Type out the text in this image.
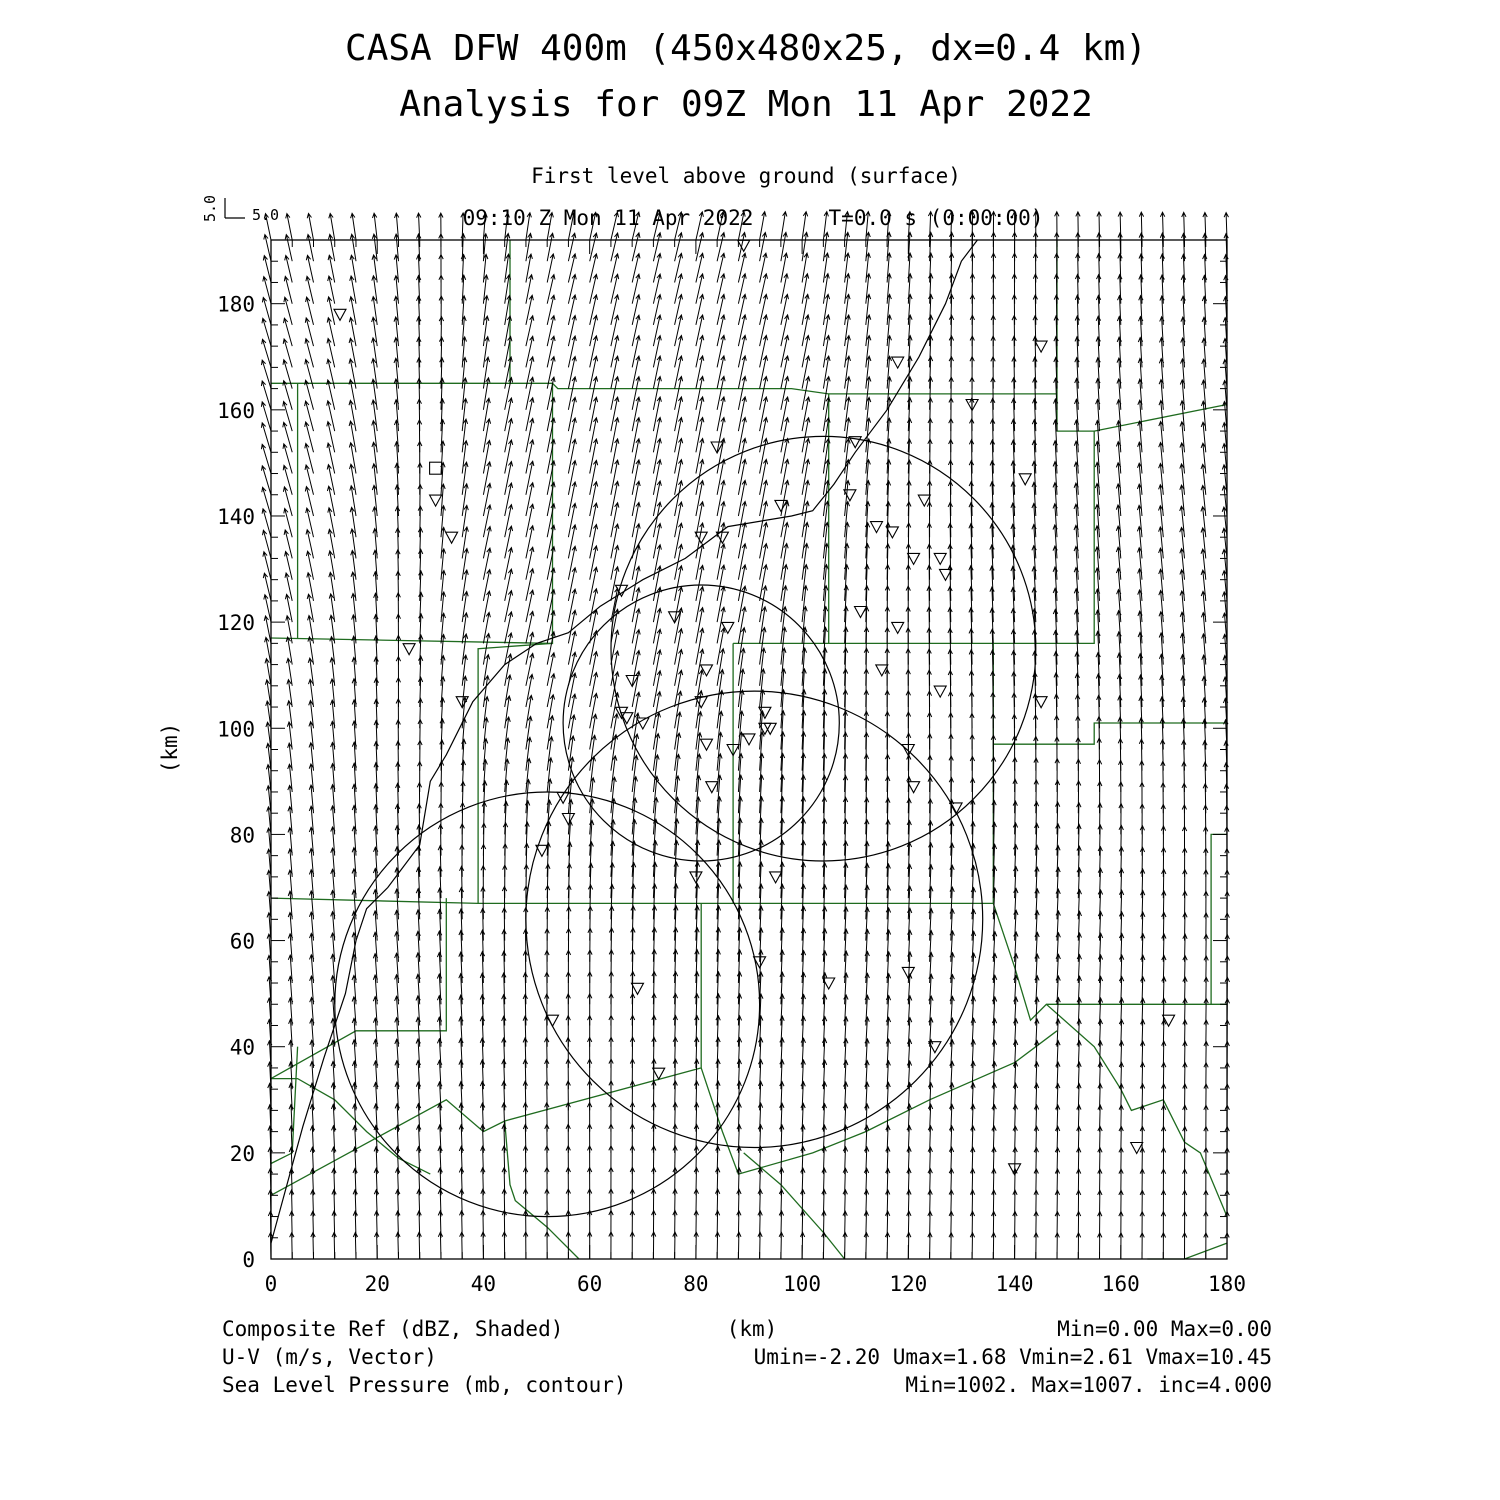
CASA DFW 400m (450x480x25, dx=0.4 km)
Analysis for 09Z Mon 11 Apr 2022
First level above ground (surface)
09:10 Z Mon 11 Apr 2022	T=0.0 s (0:00:00)
5.0
5.0
0	20	40	60	80	100	120	140	160	180
0
20
40
60
80
100
120
140
160
180
(km)
(km)
Composite Ref (dBZ, Shaded)	Min=0.00 Max=0.00
U-V (m/s, Vector)	Umin=-2.20 Umax=1.68 Vmin=2.61 Vmax=10.45
Sea Level Pressure (mb, contour)	Min=1002. Max=1007. inc=4.000
